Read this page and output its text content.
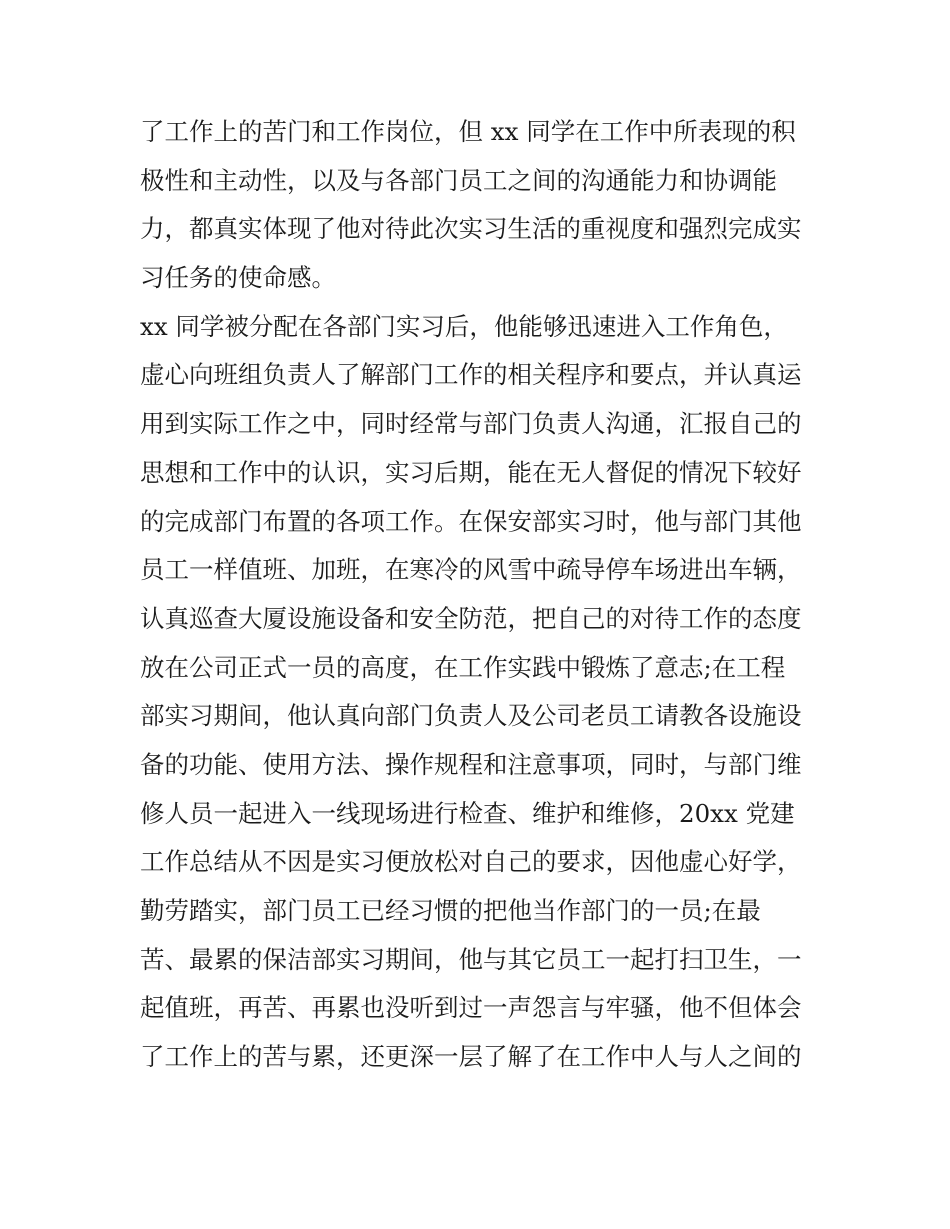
了工作上的苦门和工作岗位，但 xx 同学在工作中所表现的积
极性和主动性，以及与各部门员工之间的沟通能力和协调能
力，都真实体现了他对待此次实习生活的重视度和强烈完成实
习任务的使命感。
xx 同学被分配在各部门实习后，他能够迅速进入工作角色，
虚心向班组负责人了解部门工作的相关程序和要点，并认真运
用到实际工作之中，同时经常与部门负责人沟通，汇报自己的
思想和工作中的认识，实习后期，能在无人督促的情况下较好
的完成部门布置的各项工作。在保安部实习时，他与部门其他
员工一样值班、加班，在寒冷的风雪中疏导停车场进出车辆，
认真巡查大厦设施设备和安全防范，把自己的对待工作的态度
放在公司正式一员的高度，在工作实践中锻炼了意志;在工程
部实习期间，他认真向部门负责人及公司老员工请教各设施设
备的功能、使用方法、操作规程和注意事项，同时，与部门维
修人员一起进入一线现场进行检查、维护和维修，20xx 党建
工作总结从不因是实习便放松对自己的要求，因他虚心好学，
勤劳踏实，部门员工已经习惯的把他当作部门的一员;在最
苦、最累的保洁部实习期间，他与其它员工一起打扫卫生，一
起值班，再苦、再累也没听到过一声怨言与牢骚，他不但体会
了工作上的苦与累，还更深一层了解了在工作中人与人之间的
